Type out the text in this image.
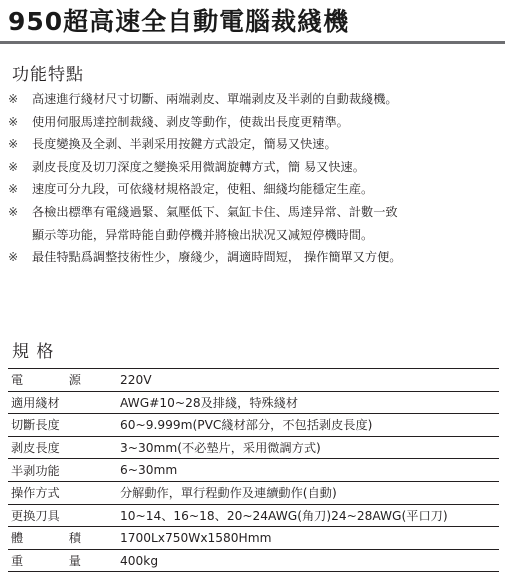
950超高速全自動電腦裁綫機
功能特點
※	高速進行綫材尺寸切斷、兩端剥皮、單端剥皮及半剥的自動裁綫機。
※	使用伺服馬達控制裁綫、剥皮等動作，使裁出長度更精準。
※	長度變換及全剥、半剥采用按鍵方式設定，簡易又快速。
※	剥皮長度及切刀深度之變換采用微調旋轉方式，簡 易又快速。
※	速度可分九段，可依綫材規格設定，使粗、細綫均能穩定生産。
※	各檢出標準有電綫過緊、氣壓低下、氣缸卡住、馬達异常、計數一致
顯示等功能，异常時能自動停機并將檢出狀况又减短停機時間。
※	最佳特點爲調整技術性少，廢綫少，調適時間短， 操作簡單又方便。
規 格
電源	220V
適用綫材	AWG#10~28及排綫，特殊綫材
切斷長度	60~9.999m(PVC綫材部分，不包括剥皮長度)
剥皮長度	3~30mm(不必墊片，采用微調方式)
半剥功能	6~30mm
操作方式	分解動作，單行程動作及連續動作(自動)
更换刀具	10~14、16~18、20~24AWG(角刀)24~28AWG(平口刀)
體積	1700Lx750Wx1580Hmm
重量	400kg
